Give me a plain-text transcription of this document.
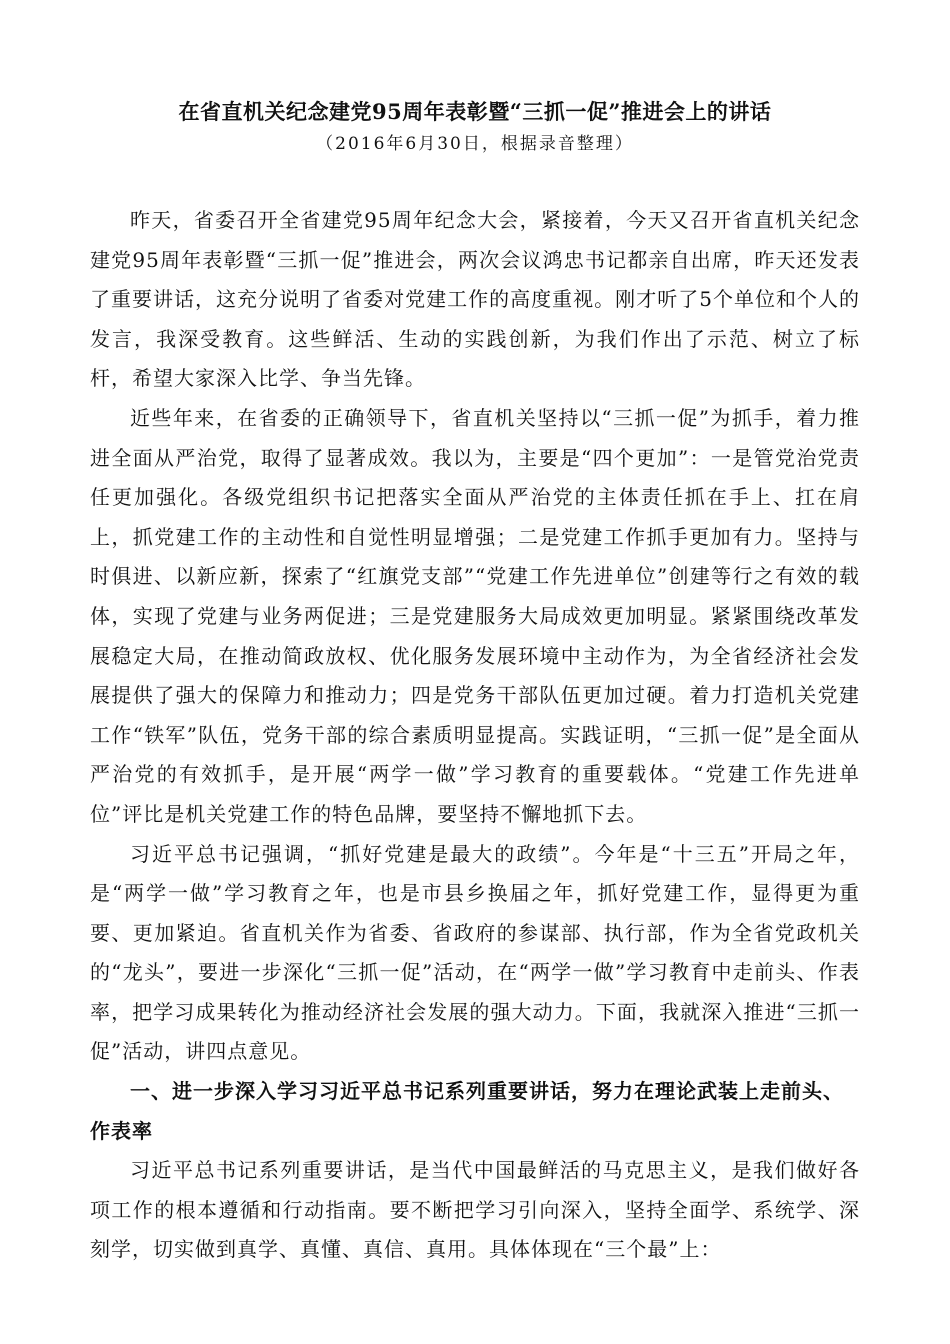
在省直机关纪念建党95周年表彰暨“三抓一促”推进会上的讲话

（2016年6月30日，根据录音整理）

昨天，省委召开全省建党95周年纪念大会，紧接着，今天又召开省直机关纪念建党95周年表彰暨“三抓一促”推进会，两次会议鸿忠书记都亲自出席，昨天还发表了重要讲话，这充分说明了省委对党建工作的高度重视。刚才听了5个单位和个人的发言，我深受教育。这些鲜活、生动的实践创新，为我们作出了示范、树立了标杆，希望大家深入比学、争当先锋。

近些年来，在省委的正确领导下，省直机关坚持以“三抓一促”为抓手，着力推进全面从严治党，取得了显著成效。我以为，主要是“四个更加”：一是管党治党责任更加强化。各级党组织书记把落实全面从严治党的主体责任抓在手上、扛在肩上，抓党建工作的主动性和自觉性明显增强；二是党建工作抓手更加有力。坚持与时俱进、以新应新，探索了“红旗党支部”“党建工作先进单位”创建等行之有效的载体，实现了党建与业务两促进；三是党建服务大局成效更加明显。紧紧围绕改革发展稳定大局，在推动简政放权、优化服务发展环境中主动作为，为全省经济社会发展提供了强大的保障力和推动力；四是党务干部队伍更加过硬。着力打造机关党建工作“铁军”队伍，党务干部的综合素质明显提高。实践证明，“三抓一促”是全面从严治党的有效抓手，是开展“两学一做”学习教育的重要载体。“党建工作先进单位”评比是机关党建工作的特色品牌，要坚持不懈地抓下去。

习近平总书记强调，“抓好党建是最大的政绩”。今年是“十三五”开局之年，是“两学一做”学习教育之年，也是市县乡换届之年，抓好党建工作，显得更为重要、更加紧迫。省直机关作为省委、省政府的参谋部、执行部，作为全省党政机关的“龙头”，要进一步深化“三抓一促”活动，在“两学一做”学习教育中走前头、作表率，把学习成果转化为推动经济社会发展的强大动力。下面，我就深入推进“三抓一促”活动，讲四点意见。

一、进一步深入学习习近平总书记系列重要讲话，努力在理论武装上走前头、作表率

习近平总书记系列重要讲话，是当代中国最鲜活的马克思主义，是我们做好各项工作的根本遵循和行动指南。要不断把学习引向深入，坚持全面学、系统学、深刻学，切实做到真学、真懂、真信、真用。具体体现在“三个最”上：
